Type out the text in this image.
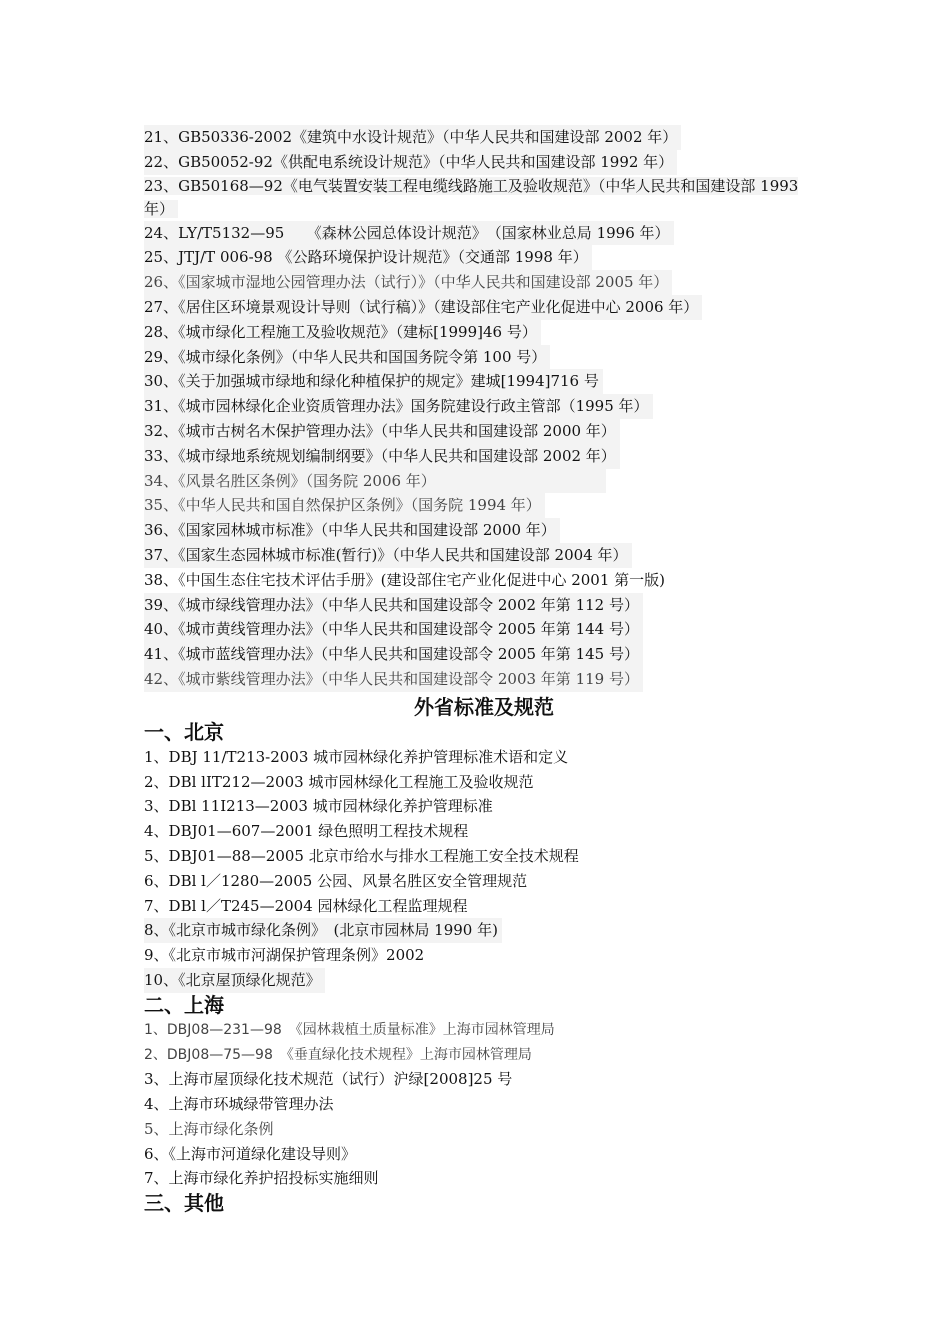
21、GB50336-2002《建筑中水设计规范》（中华人民共和国建设部 2002 年）
22、GB50052-92《供配电系统设计规范》（中华人民共和国建设部 1992 年）
23、GB50168—92《电气装置安装工程电缆线路施工及验收规范》（中华人民共和国建设部 1993 年）
24、LY/T5132—95　　《森林公园总体设计规范》　（国家林业总局 1996 年）
25、JTJ/T 006-98 《公路环境保护设计规范》（交通部 1998 年）
26、《国家城市湿地公园管理办法（试行）》（中华人民共和国建设部 2005 年）
27、《居住区环境景观设计导则（试行稿）》（建设部住宅产业化促进中心 2006 年）
28、《城市绿化工程施工及验收规范》（建标[1999]46 号）
29、《城市绿化条例》（中华人民共和国国务院令第 100 号）
30、《关于加强城市绿地和绿化种植保护的规定》建城[1994]716 号
31、《城市园林绿化企业资质管理办法》国务院建设行政主管部（1995 年）
32、《城市古树名木保护管理办法》（中华人民共和国建设部 2000 年）
33、《城市绿地系统规划编制纲要》（中华人民共和国建设部 2002 年）
34、《风景名胜区条例》（国务院 2006 年）
35、《中华人民共和国自然保护区条例》（国务院 1994 年）
36、《国家园林城市标准》（中华人民共和国建设部 2000 年）
37、《国家生态园林城市标准(暂行)》（中华人民共和国建设部 2004 年）
38、《中国生态住宅技术评估手册》(建设部住宅产业化促进中心 2001 第一版)
39、《城市绿线管理办法》（中华人民共和国建设部令 2002 年第 112 号）
40、《城市黄线管理办法》（中华人民共和国建设部令 2005 年第 144 号）
41、《城市蓝线管理办法》（中华人民共和国建设部令 2005 年第 145 号）
42、《城市紫线管理办法》（中华人民共和国建设部令 2003 年第 119 号）
外省标准及规范
一、北京
1、DBJ 11/T213-2003 城市园林绿化养护管理标准术语和定义
2、DBl lIT212—2003 城市园林绿化工程施工及验收规范
3、DBl 11I213—2003 城市园林绿化养护管理标准
4、DBJ01—607—2001 绿色照明工程技术规程
5、DBJ01—88—2005 北京市给水与排水工程施工安全技术规程
6、DBl l／1280—2005 公园、风景名胜区安全管理规范
7、DBl l／T245—2004 园林绿化工程监理规程
8、《北京市城市绿化条例》　(北京市园林局 1990 年)
9、《北京市城市河湖保护管理条例》2002
10、《北京屋顶绿化规范》
二、上海
1、DBJ08—231—98　《园林栽植土质量标准》上海市园林管理局
2、DBJ08—75—98　《垂直绿化技术规程》上海市园林管理局
3、上海市屋顶绿化技术规范（试行）沪绿[2008]25 号
4、上海市环城绿带管理办法
5、上海市绿化条例
6、《上海市河道绿化建设导则》
7、上海市绿化养护招投标实施细则
三、其他
